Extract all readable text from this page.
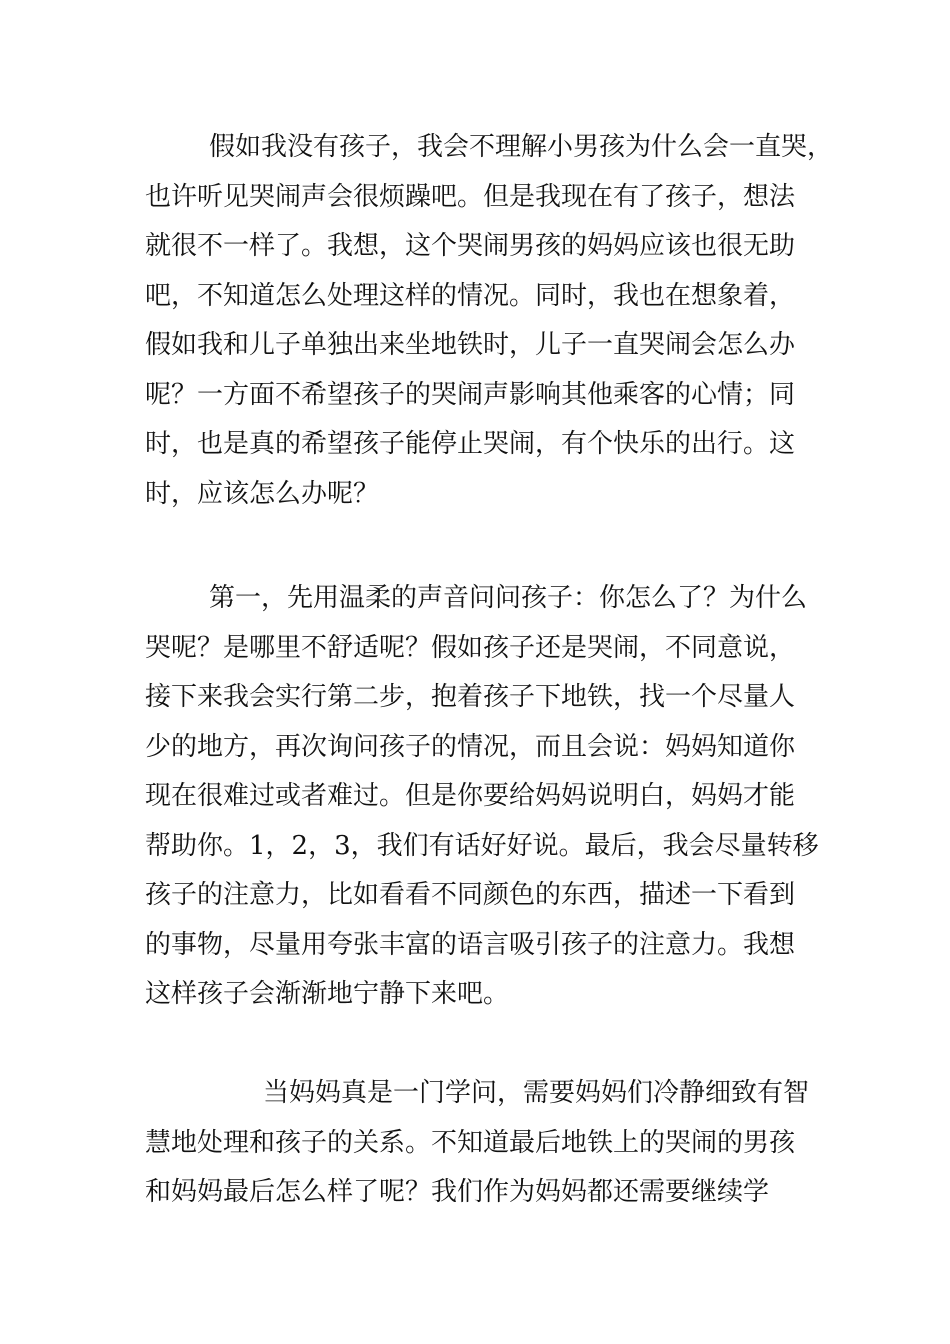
假如我没有孩子，我会不理解小男孩为什么会一直哭，
也许听见哭闹声会很烦躁吧。但是我现在有了孩子，想法
就很不一样了。我想，这个哭闹男孩的妈妈应该也很无助
吧，不知道怎么处理这样的情况。同时，我也在想象着，
假如我和儿子单独出来坐地铁时，儿子一直哭闹会怎么办
呢？一方面不希望孩子的哭闹声影响其他乘客的心情；同
时，也是真的希望孩子能停止哭闹，有个快乐的出行。这
时，应该怎么办呢？

第一，先用温柔的声音问问孩子：你怎么了？为什么
哭呢？是哪里不舒适呢？假如孩子还是哭闹，不同意说，
接下来我会实行第二步，抱着孩子下地铁，找一个尽量人
少的地方，再次询问孩子的情况，而且会说：妈妈知道你
现在很难过或者难过。但是你要给妈妈说明白，妈妈才能
帮助你。1，2，3，我们有话好好说。最后，我会尽量转移
孩子的注意力，比如看看不同颜色的东西，描述一下看到
的事物，尽量用夸张丰富的语言吸引孩子的注意力。我想
这样孩子会渐渐地宁静下来吧。

当妈妈真是一门学问，需要妈妈们冷静细致有智
慧地处理和孩子的关系。不知道最后地铁上的哭闹的男孩
和妈妈最后怎么样了呢？我们作为妈妈都还需要继续学
